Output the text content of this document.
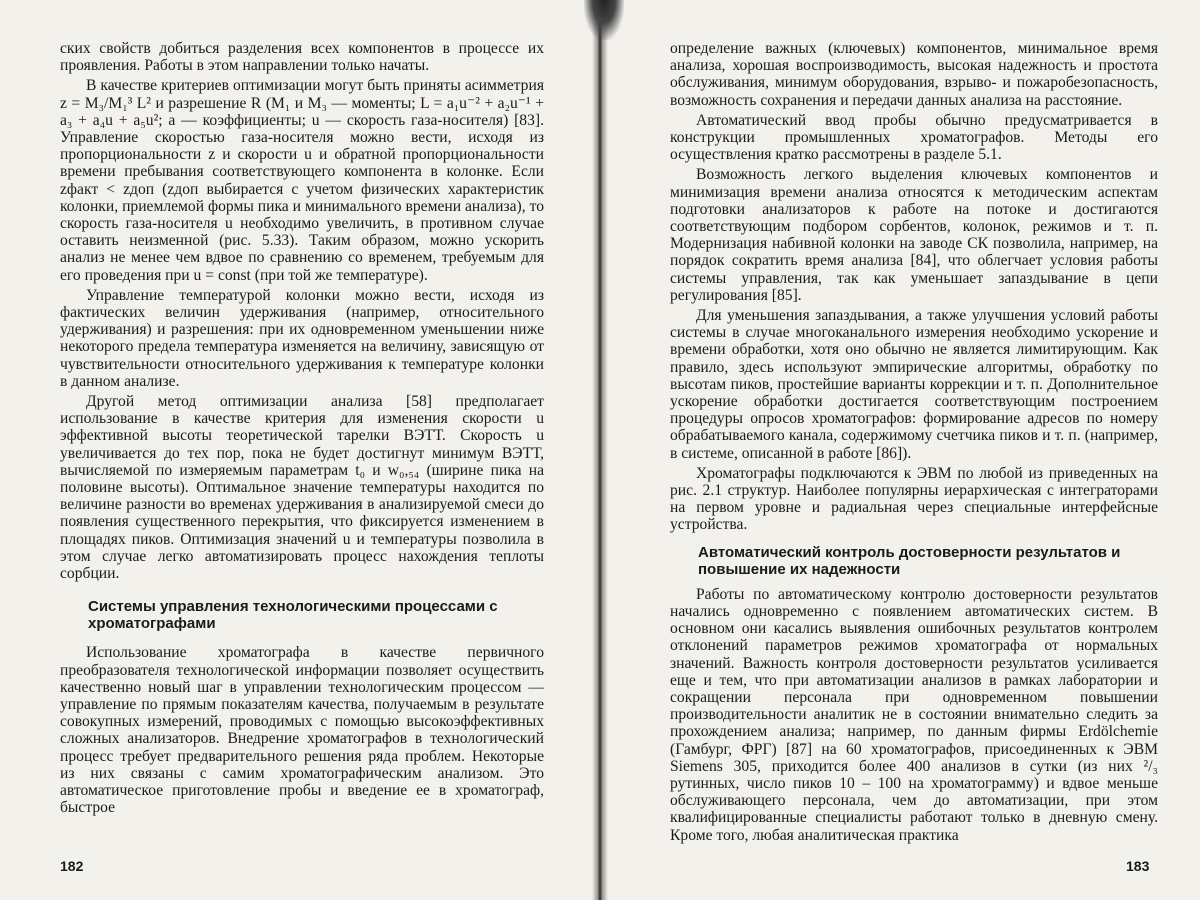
ских свойств добиться разделения всех компонентов в процессе их проявления. Работы в этом направлении только начаты.

В качестве критериев оптимизации могут быть приняты асимметрия z = M₃/M₁³ L² и разрешение R (M₁ и M₃ — моменты; L = a₁u⁻² + a₂u⁻¹ + a₃ + a₄u + a₅u²; a — коэффициенты; u — скорость газа-носителя) [83]. Управление скоростью газа-носителя можно вести, исходя из пропорциональности z и скорости u и обратной пропорциональности времени пребывания соответствующего компонента в колонке. Если zфакт < zдоп (zдоп выбирается с учетом физических характеристик колонки, приемлемой формы пика и минимального времени анализа), то скорость газа-носителя u необходимо увеличить, в противном случае оставить неизменной (рис. 5.33). Таким образом, можно ускорить анализ не менее чем вдвое по сравнению со временем, требуемым для его проведения при u = const (при той же температуре).

Управление температурой колонки можно вести, исходя из фактических величин удерживания (например, относительного удерживания) и разрешения: при их одновременном уменьшении ниже некоторого предела температура изменяется на величину, зависящую от чувствительности относительного удерживания к температуре колонки в данном анализе.

Другой метод оптимизации анализа [58] предполагает использование в качестве критерия для изменения скорости u эффективной высоты теоретической тарелки ВЭТТ. Скорость u увеличивается до тех пор, пока не будет достигнут минимум ВЭТТ, вычисляемой по измеряемым параметрам t₀ и w₀,₅₄ (ширине пика на половине высоты). Оптимальное значение температуры находится по величине разности во временах удерживания в анализируемой смеси до появления существенного перекрытия, что фиксируется изменением в площадях пиков. Оптимизация значений u и температуры позволила в этом случае легко автоматизировать процесс нахождения теплоты сорбции.

Системы управления технологическими процессами с хроматографами

Использование хроматографа в качестве первичного преобразователя технологической информации позволяет осуществить качественно новый шаг в управлении технологическим процессом — управление по прямым показателям качества, получаемым в результате совокупных измерений, проводимых с помощью высокоэффективных сложных анализаторов. Внедрение хроматографов в технологический процесс требует предварительного решения ряда проблем. Некоторые из них связаны с самим хроматографическим анализом. Это автоматическое приготовление пробы и введение ее в хроматограф, быстрое

182

определение важных (ключевых) компонентов, минимальное время анализа, хорошая воспроизводимость, высокая надежность и простота обслуживания, минимум оборудования, взрыво- и пожаробезопасность, возможность сохранения и передачи данных анализа на расстояние.

Автоматический ввод пробы обычно предусматривается в конструкции промышленных хроматографов. Методы его осуществления кратко рассмотрены в разделе 5.1.

Возможность легкого выделения ключевых компонентов и минимизация времени анализа относятся к методическим аспектам подготовки анализаторов к работе на потоке и достигаются соответствующим подбором сорбентов, колонок, режимов и т. п. Модернизация набивной колонки на заводе СК позволила, например, на порядок сократить время анализа [84], что облегчает условия работы системы управления, так как уменьшает запаздывание в цепи регулирования [85].

Для уменьшения запаздывания, а также улучшения условий работы системы в случае многоканального измерения необходимо ускорение и времени обработки, хотя оно обычно не является лимитирующим. Как правило, здесь используют эмпирические алгоритмы, обработку по высотам пиков, простейшие варианты коррекции и т. п. Дополнительное ускорение обработки достигается соответствующим построением процедуры опросов хроматографов: формирование адресов по номеру обрабатываемого канала, содержимому счетчика пиков и т. п. (например, в системе, описанной в работе [86]).

Хроматографы подключаются к ЭВМ по любой из приведенных на рис. 2.1 структур. Наиболее популярны иерархическая с интеграторами на первом уровне и радиальная через специальные интерфейсные устройства.

Автоматический контроль достоверности результатов и повышение их надежности

Работы по автоматическому контролю достоверности результатов начались одновременно с появлением автоматических систем. В основном они касались выявления ошибочных результатов контролем отклонений параметров режимов хроматографа от нормальных значений. Важность контроля достоверности результатов усиливается еще и тем, что при автоматизации анализов в рамках лаборатории и сокращении персонала при одновременном повышении производительности аналитик не в состоянии внимательно следить за прохождением анализа; например, по данным фирмы Erdölchemie (Гамбург, ФРГ) [87] на 60 хроматографов, присоединенных к ЭВМ Siemens 305, приходится более 400 анализов в сутки (из них ²/₃ рутинных, число пиков 10 – 100 на хроматограмму) и вдвое меньше обслуживающего персонала, чем до автоматизации, при этом квалифицированные специалисты работают только в дневную смену. Кроме того, любая аналитическая практика

183
